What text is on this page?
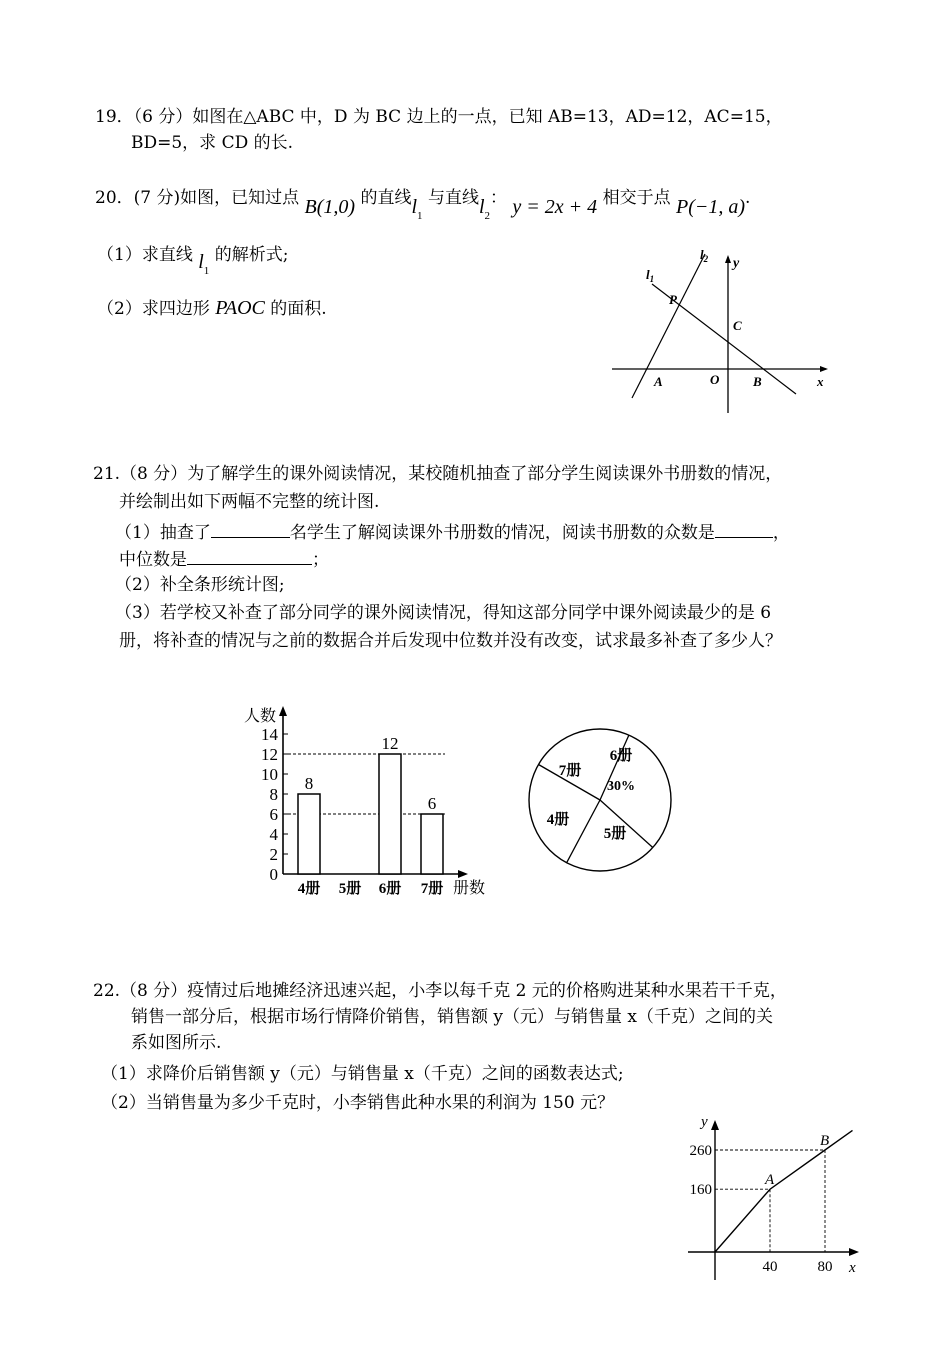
19．（6 分）如图在△ABC 中，D 为 BC 边上的一点，已知 AB=13，AD=12，AC=15，
BD=5，求 CD 的长.
20．(7 分)如图，已知过点 B(1,0) 的直线$l_1$ 与直线$l_2$： y = 2x + 4 相交于点 P(−1, a).
（1）求直线 $l_1$ 的解析式;
（2）求四边形 PAOC 的面积.
$l_2$
$l_1$
y
x
P
C
A	O	B
21.（8 分）为了解学生的课外阅读情况，某校随机抽查了部分学生阅读课外书册数的情况，
并绘制出如下两幅不完整的统计图.
（1）抽查了	名学生了解阅读课外书册数的情况，阅读书册数的众数是	，
中位数是	；
（2）补全条形统计图;
（3）若学校又补查了部分同学的课外阅读情况，得知这部分同学中课外阅读最少的是 6
册，将补查的情况与之前的数据合并后发现中位数并没有改变，试求最多补查了多少人？
人数
册数
0
2
4
6
8
10
12
14
4册
8
5册 6册
12
7册
6
6册
5册
4册
7册
30%
22.（8 分）疫情过后地摊经济迅速兴起，小李以每千克 2 元的价格购进某种水果若干千克，
销售一部分后，根据市场行情降价销售，销售额 y（元）与销售量 x（千克）之间的关
系如图所示.
（1）求降价后销售额 y（元）与销售量 x（千克）之间的函数表达式;
（2）当销售量为多少千克时，小李销售此种水果的利润为 150 元？
y
x
A
40
160
B
80
260
